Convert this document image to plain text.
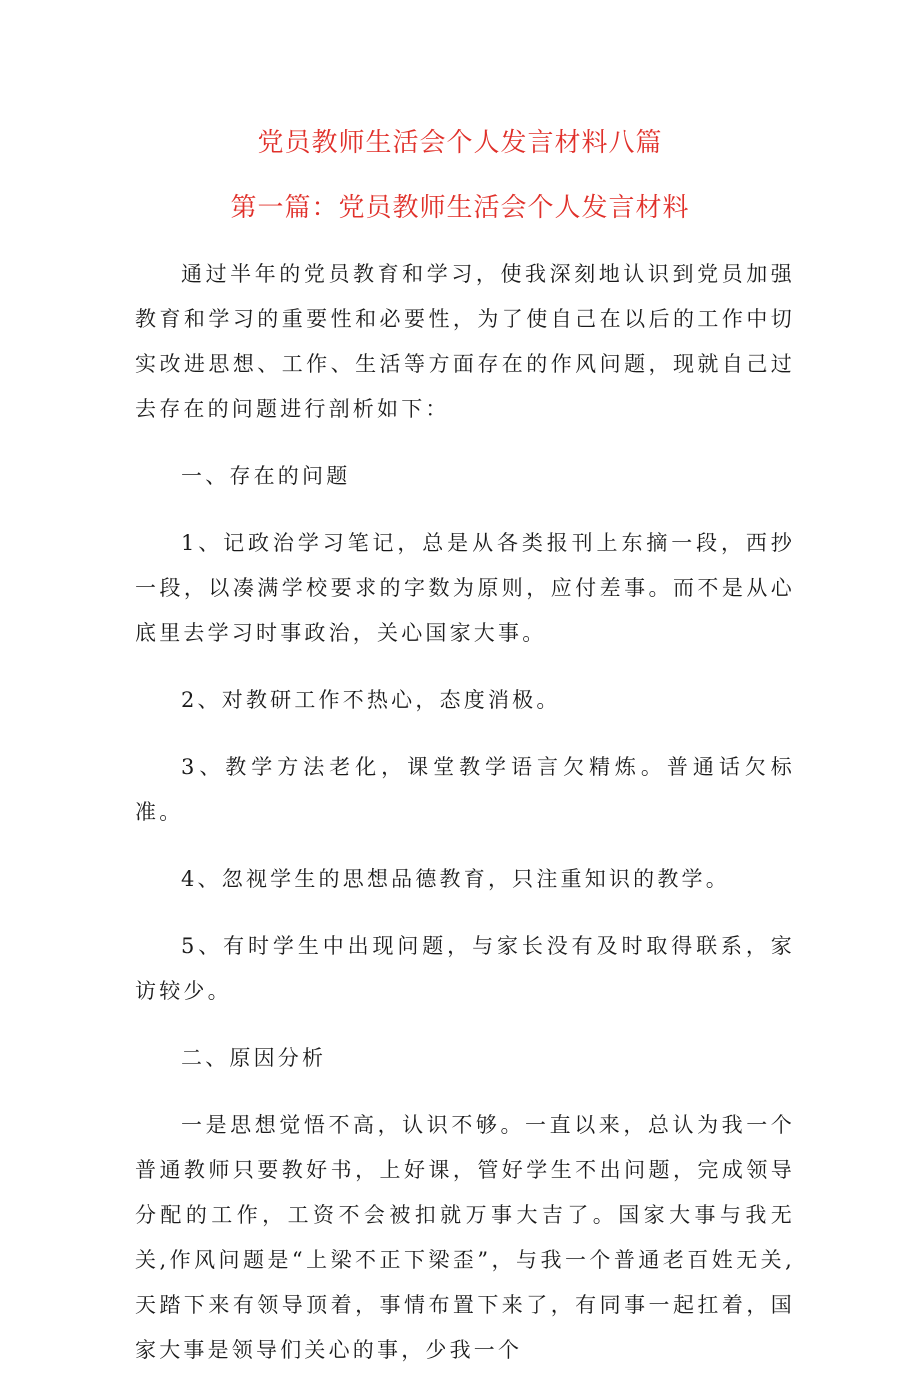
党员教师生活会个人发言材料八篇
第一篇：党员教师生活会个人发言材料

通过半年的党员教育和学习，使我深刻地认识到党员加强教育和学习的重要性和必要性，为了使自己在以后的工作中切实改进思想、工作、生活等方面存在的作风问题，现就自己过去存在的问题进行剖析如下：

一、存在的问题

1、记政治学习笔记，总是从各类报刊上东摘一段，西抄一段，以凑满学校要求的字数为原则，应付差事。而不是从心底里去学习时事政治，关心国家大事。

2、对教研工作不热心，态度消极。

3、教学方法老化，课堂教学语言欠精炼。普通话欠标准。

4、忽视学生的思想品德教育，只注重知识的教学。

5、有时学生中出现问题，与家长没有及时取得联系，家访较少。

二、原因分析

一是思想觉悟不高，认识不够。一直以来，总认为我一个普通教师只要教好书，上好课，管好学生不出问题，完成领导分配的工作，工资不会被扣就万事大吉了。国家大事与我无关,作风问题是“上梁不正下梁歪”，与我一个普通老百姓无关,天踏下来有领导顶着，事情布置下来了，有同事一起扛着，国家大事是领导们关心的事，少我一个
